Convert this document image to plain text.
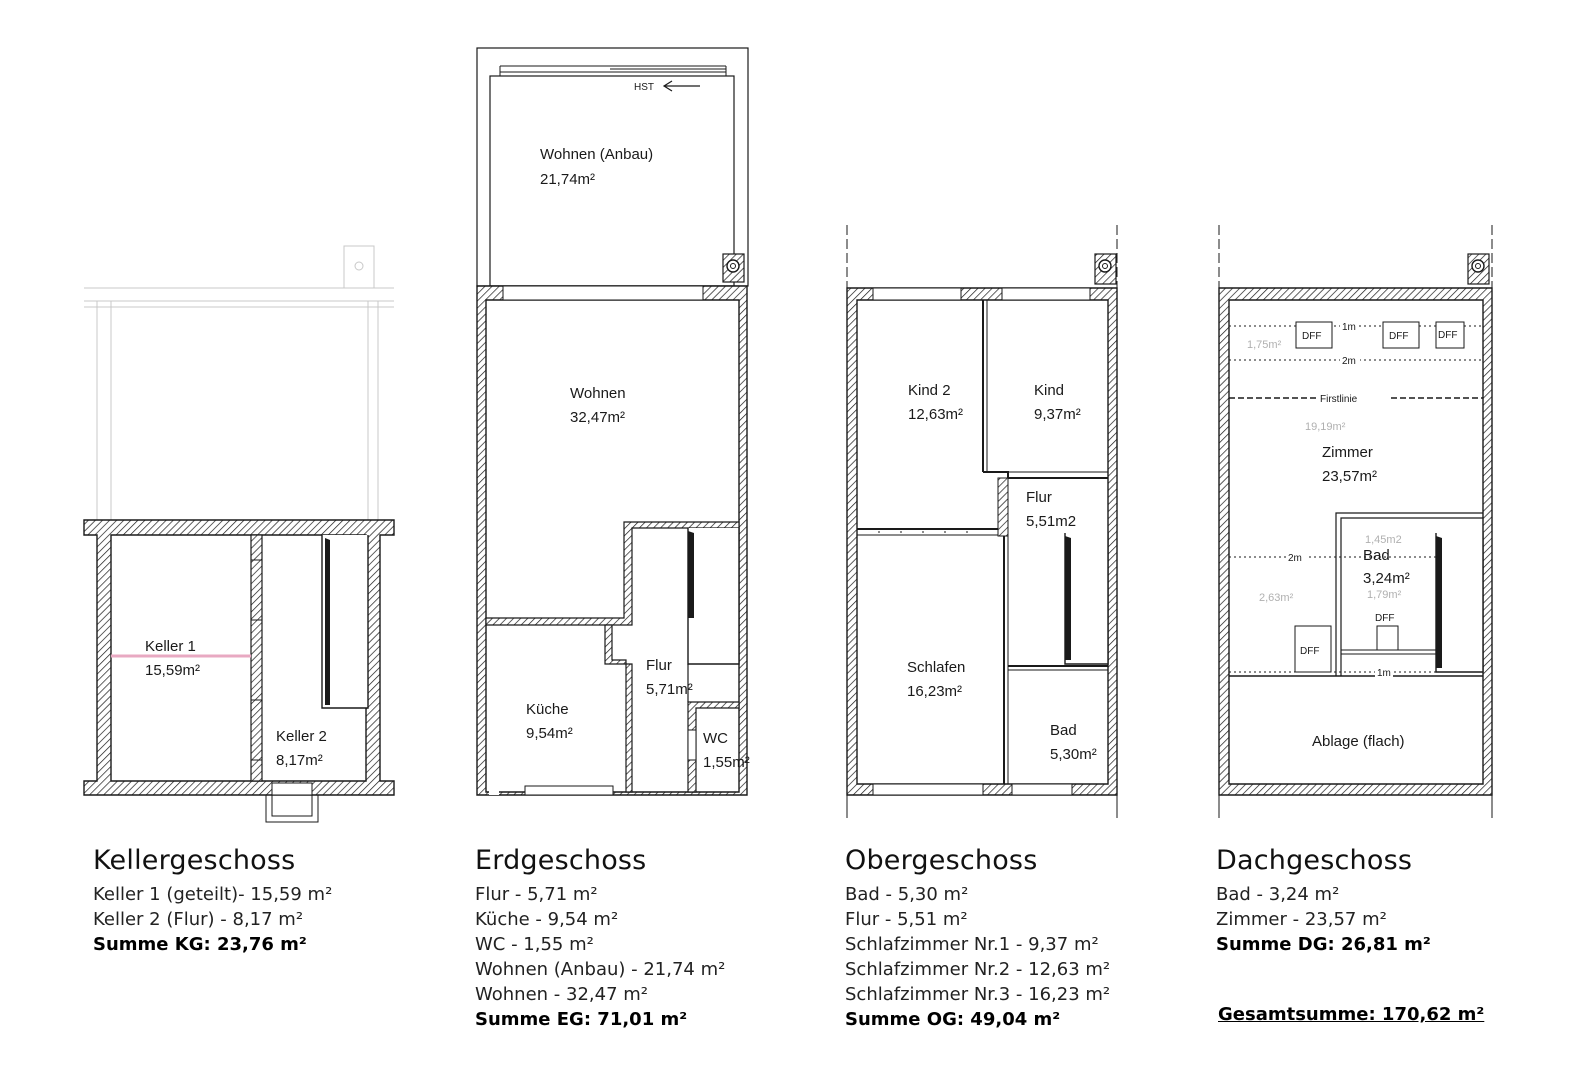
Keller 1
15,59m²
Keller 2
8,17m²
HST
Wohnen (Anbau)
21,74m²
Wohnen
32,47m²
Flur
5,71m²
Küche
9,54m²	WC
1,55m²
Kind 2
12,63m²
Kind
9,37m²
Flur
5,51m2
Schlafen
16,23m²
Bad
5,30m²
DFF	DFF	DFF
DFF
DFF
1m
2m
Firstlinie
2m
1m
1,75m²
19,19m²
1,45m2
1,79m²
2,63m²
Zimmer
23,57m²
Bad
3,24m²
Ablage (flach)
Kellergeschoss
Keller 1 (geteilt)- 15,59 m²
Keller 2 (Flur) - 8,17 m²
Summe KG: 23,76 m²
Erdgeschoss
Flur - 5,71 m²
Küche - 9,54 m²
WC - 1,55 m²
Wohnen (Anbau) - 21,74 m²
Wohnen - 32,47 m²
Summe EG: 71,01 m²
Obergeschoss
Bad - 5,30 m²
Flur - 5,51 m²
Schlafzimmer Nr.1 - 9,37 m²
Schlafzimmer Nr.2 - 12,63 m²
Schlafzimmer Nr.3 - 16,23 m²
Summe OG: 49,04 m²
Dachgeschoss
Bad - 3,24 m²
Zimmer - 23,57 m²
Summe DG: 26,81 m²
Gesamtsumme: 170,62 m²
